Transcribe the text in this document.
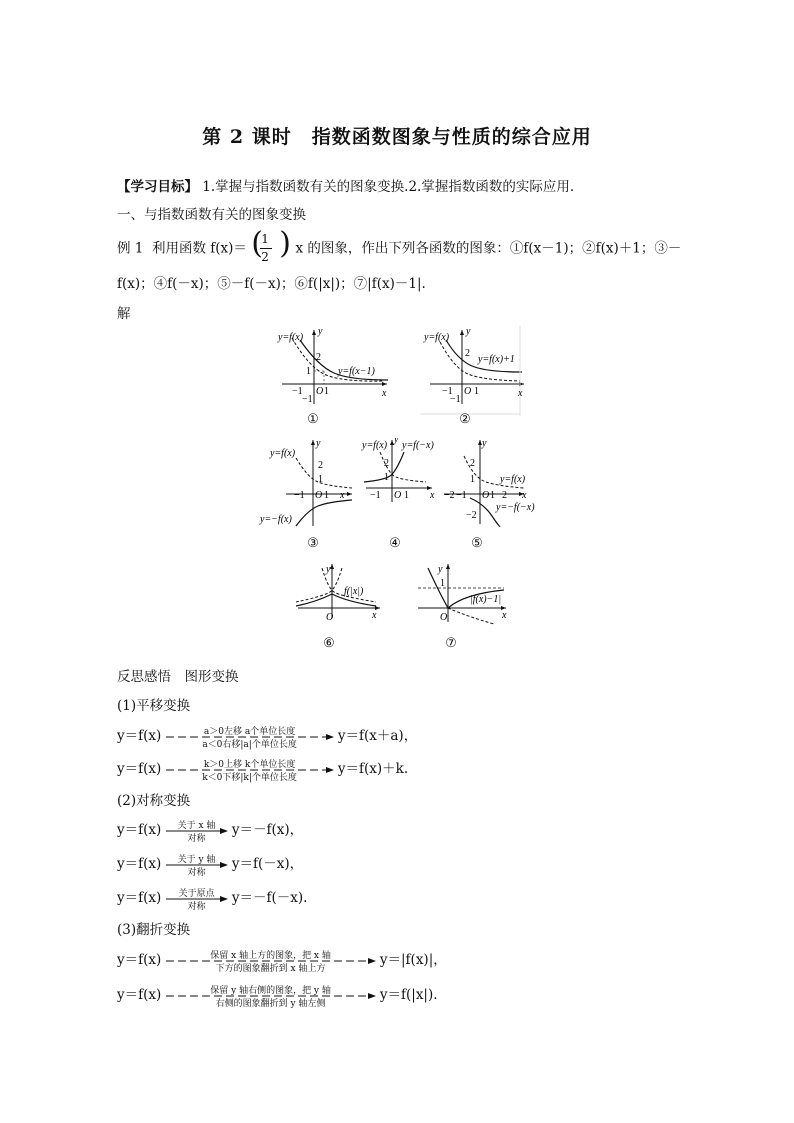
第 2 课时　指数函数图象与性质的综合应用
【学习目标】 1.掌握与指数函数有关的图象变换.2.掌握指数函数的实际应用.
一、与指数函数有关的图象变换
例 1 利用函数 f(x)＝ (
1
2 ) x 的图象，作出下列各函数的图象：①f(x－1)；②f(x)＋1；③－
f(x)；④f(－x)；⑤－f(－x)；⑥f(|x|)；⑦|f(x)－1|.
解
y=f(x)
y
2
1	y=f(x−1)
−1 O 1	x
−1
①
y=f(x)
y
2
y=f(x)+1
−1 O 1	x
−1
②
y=f(x)
y
2
1
−1 O 1 x
y=−f(x)
③
y=f(x) y=f(−x)
y
2
1
−1 O 1 x
④
y
2
1
−2 −1 O 1 2 x
−2
y=f(x)
y=−f(−x)
⑤
y
f(|x|)
O	x
⑥
y
1
|f(x)−1|
O	x
⑦
反思感悟　图形变换
(1)平移变换
y＝f(x)	a＞0左移 a个单位长度
a＜0右移|a|个单位长度
y＝f(x＋a)，
y＝f(x)	k＞0上移 k个单位长度
k＜0下移|k|个单位长度
y＝f(x)＋k.
(2)对称变换
y＝f(x)	关于 x 轴
对称
y＝－f(x)，
y＝f(x)	关于 y 轴
对称
y＝f(－x)，
y＝f(x)	关于原点
对称
y＝－f(－x).
(3)翻折变换
y＝f(x)	保留 x 轴上方的图象，把 x 轴
下方的图象翻折到 x 轴上方
y＝|f(x)|，
y＝f(x)	保留 y 轴右侧的图象，把 y 轴
右侧的图象翻折到 y 轴左侧
y＝f(|x|).
